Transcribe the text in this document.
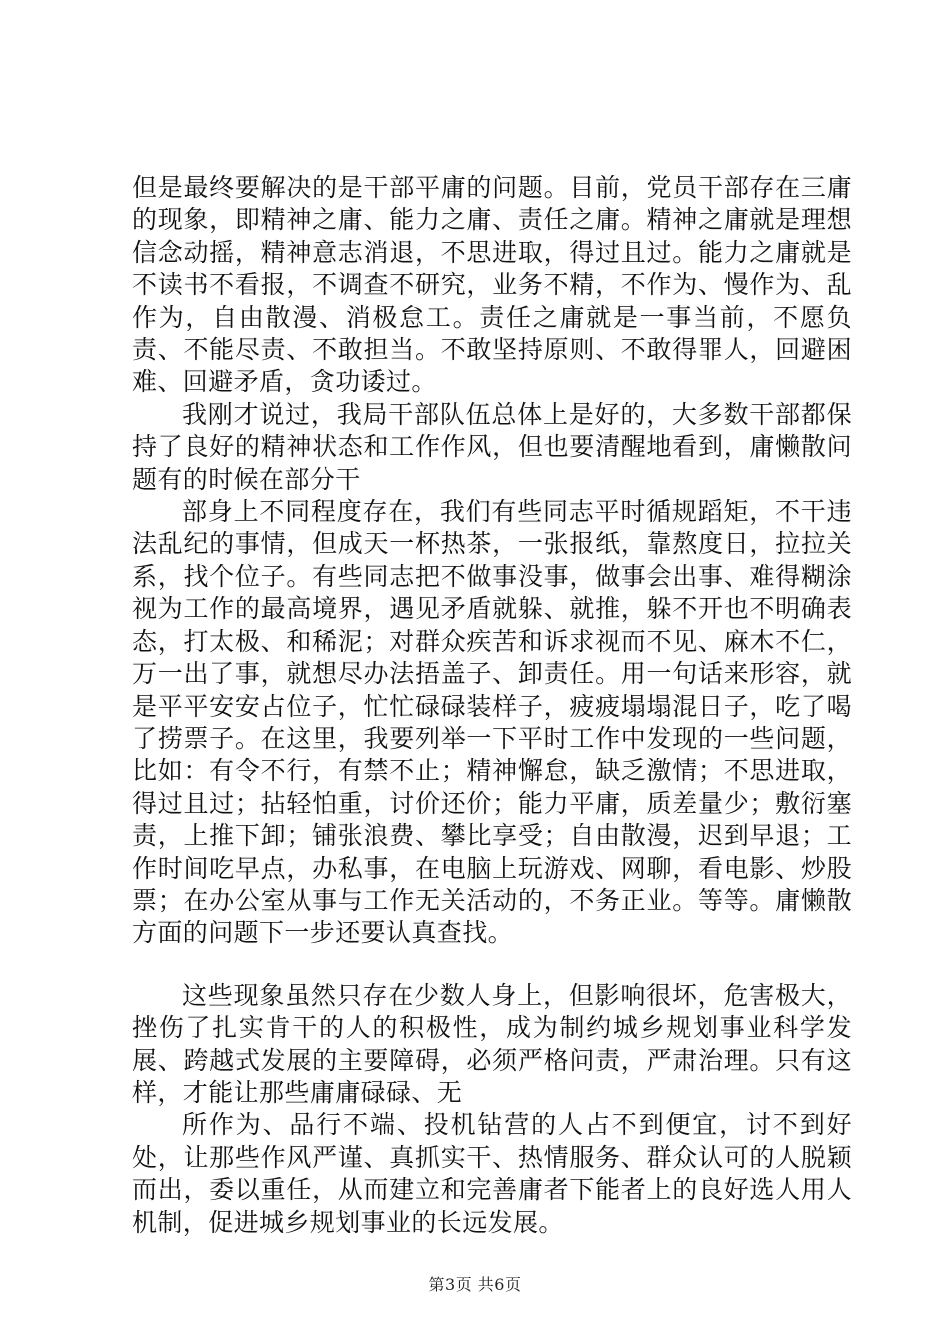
但是最终要解决的是干部平庸的问题。目前，党员干部存在三庸的现象，即精神之庸、能力之庸、责任之庸。精神之庸就是理想信念动摇，精神意志消退，不思进取，得过且过。能力之庸就是不读书不看报，不调查不研究，业务不精，不作为、慢作为、乱作为，自由散漫、消极怠工。责任之庸就是一事当前，不愿负责、不能尽责、不敢担当。不敢坚持原则、不敢得罪人，回避困难、回避矛盾，贪功诿过。

我刚才说过，我局干部队伍总体上是好的，大多数干部都保持了良好的精神状态和工作作风，但也要清醒地看到，庸懒散问题有的时候在部分干

部身上不同程度存在，我们有些同志平时循规蹈矩，不干违法乱纪的事情，但成天一杯热茶，一张报纸，靠熬度日，拉拉关系，找个位子。有些同志把不做事没事，做事会出事、难得糊涂视为工作的最高境界，遇见矛盾就躲、就推，躲不开也不明确表态，打太极、和稀泥；对群众疾苦和诉求视而不见、麻木不仁，万一出了事，就想尽办法捂盖子、卸责任。用一句话来形容，就是平平安安占位子，忙忙碌碌装样子，疲疲塌塌混日子，吃了喝了捞票子。在这里，我要列举一下平时工作中发现的一些问题，比如：有令不行，有禁不止；精神懈怠，缺乏激情；不思进取，得过且过；拈轻怕重，讨价还价；能力平庸，质差量少；敷衍塞责，上推下卸；铺张浪费、攀比享受；自由散漫，迟到早退；工作时间吃早点，办私事，在电脑上玩游戏、网聊，看电影、炒股票；在办公室从事与工作无关活动的，不务正业。等等。庸懒散方面的问题下一步还要认真查找。

这些现象虽然只存在少数人身上，但影响很坏，危害极大，挫伤了扎实肯干的人的积极性，成为制约城乡规划事业科学发展、跨越式发展的主要障碍，必须严格问责，严肃治理。只有这样，才能让那些庸庸碌碌、无

所作为、品行不端、投机钻营的人占不到便宜，讨不到好处，让那些作风严谨、真抓实干、热情服务、群众认可的人脱颖而出，委以重任，从而建立和完善庸者下能者上的良好选人用人机制，促进城乡规划事业的长远发展。

第3页 共6页
